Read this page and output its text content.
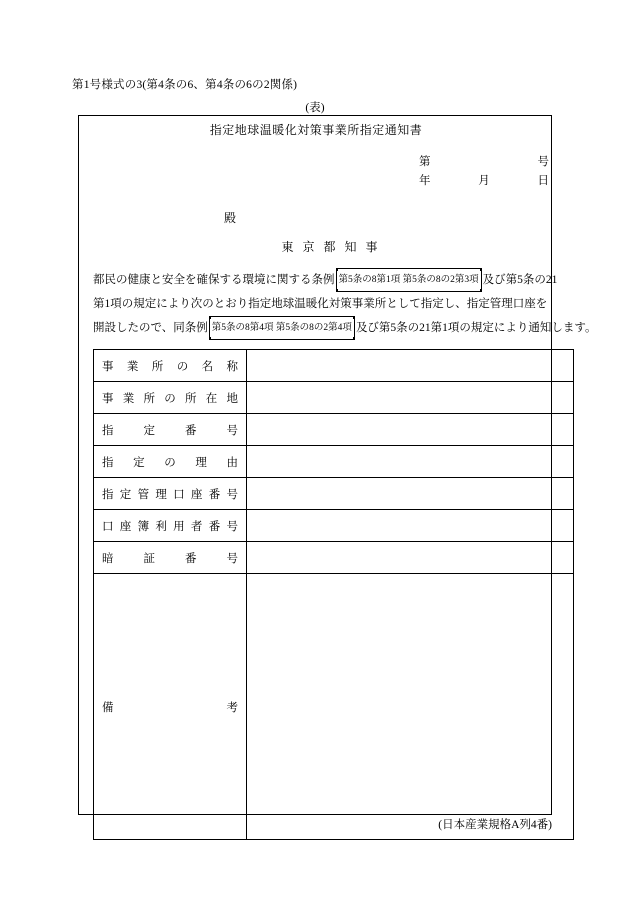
第1号様式の3(第4条の6、第4条の6の2関係)
(表)
指定地球温暖化対策事業所指定通知書
第	号
年	月	日
殿
東 京 都 知 事
都民の健康と安全を確保する環境に関する条例 第5条の8第1項 第5条の8の2第3項 及び第5条の21
第1項の規定により次のとおり指定地球温暖化対策事業所として指定し、指定管理口座を
開設したので、同条例 第5条の8第4項 第5条の8の2第4項 及び第5条の21第1項の規定により通知します。
事業所の名称	

事業所の所在地	

指定番号	

指定の理由	

指定管理口座番号	

口座簿利用者番号	

暗証番号	

備考	

(日本産業規格A列4番)
